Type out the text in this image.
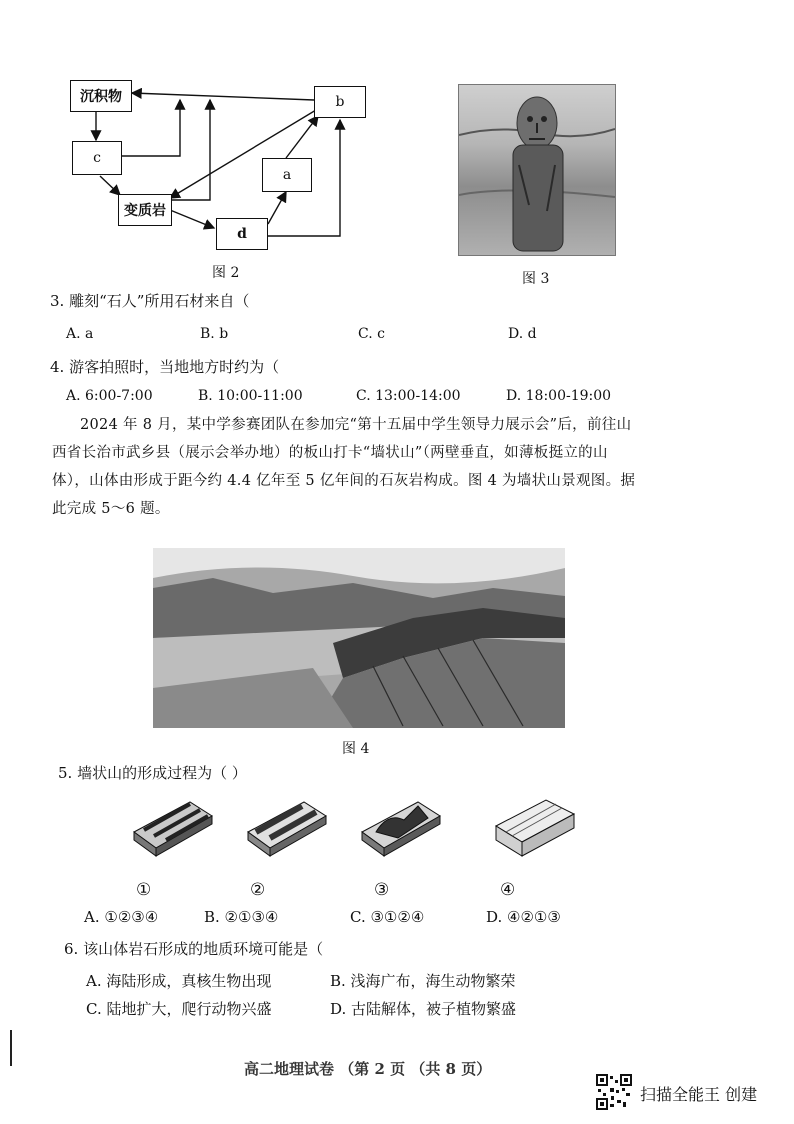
沉积物	b
c
a
变质岩
d
图 2	图 3
3. 雕刻“石人”所用石材来自（
A. a	B. b	C. c	D. d
4. 游客拍照时，当地地方时约为（
A. 6:00-7:00	B. 10:00-11:00	C. 13:00-14:00	D. 18:00-19:00
2024 年 8 月，某中学参赛团队在参加完“第十五届中学生领导力展示会”后，前往山
西省长治市武乡县（展示会举办地）的板山打卡“墙状山”（两壁垂直，如薄板挺立的山
体），山体由形成于距今约 4.4 亿年至 5 亿年间的石灰岩构成。图 4 为墙状山景观图。据
此完成 5～6 题。
图 4
5. 墙状山的形成过程为（ ）
①	②	③	④
A. ①②③④	B. ②①③④	C. ③①②④	D. ④②①③
6. 该山体岩石形成的地质环境可能是（
A. 海陆形成，真核生物出现	B. 浅海广布，海生动物繁荣
C. 陆地扩大，爬行动物兴盛	D. 古陆解体，被子植物繁盛
高二地理试卷 （第 2 页 （共 8 页）
扫描全能王 创建
